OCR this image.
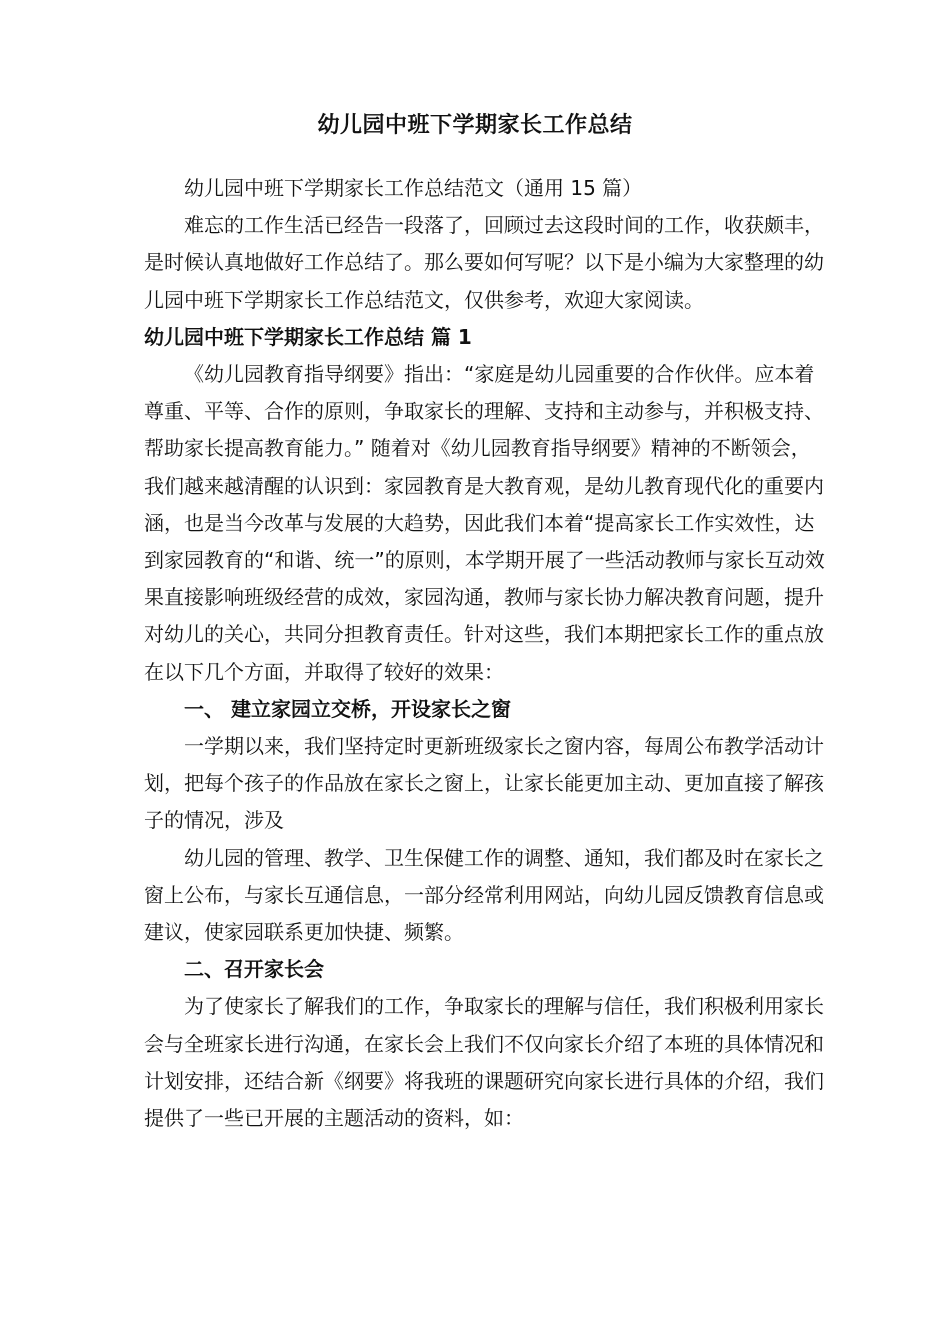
幼儿园中班下学期家长工作总结

幼儿园中班下学期家长工作总结范文（通用 15 篇）

难忘的工作生活已经告一段落了，回顾过去这段时间的工作，收获颇丰，是时候认真地做好工作总结了。那么要如何写呢？以下是小编为大家整理的幼儿园中班下学期家长工作总结范文，仅供参考，欢迎大家阅读。

幼儿园中班下学期家长工作总结 篇 1

《幼儿园教育指导纲要》指出：“家庭是幼儿园重要的合作伙伴。应本着尊重、平等、合作的原则，争取家长的理解、支持和主动参与，并积极支持、帮助家长提高教育能力。” 随着对《幼儿园教育指导纲要》精神的不断领会，我们越来越清醒的认识到：家园教育是大教育观，是幼儿教育现代化的重要内涵，也是当今改革与发展的大趋势，因此我们本着“提高家长工作实效性，达到家园教育的“和谐、统一”的原则，本学期开展了一些活动教师与家长互动效果直接影响班级经营的成效，家园沟通，教师与家长协力解决教育问题，提升对幼儿的关心，共同分担教育责任。针对这些，我们本期把家长工作的重点放在以下几个方面，并取得了较好的效果：

一、 建立家园立交桥，开设家长之窗

一学期以来，我们坚持定时更新班级家长之窗内容，每周公布教学活动计划，把每个孩子的作品放在家长之窗上，让家长能更加主动、更加直接了解孩子的情况，涉及

幼儿园的管理、教学、卫生保健工作的调整、通知，我们都及时在家长之窗上公布，与家长互通信息，一部分经常利用网站，向幼儿园反馈教育信息或建议，使家园联系更加快捷、频繁。

二、召开家长会

为了使家长了解我们的工作，争取家长的理解与信任，我们积极利用家长会与全班家长进行沟通，在家长会上我们不仅向家长介绍了本班的具体情况和计划安排，还结合新《纲要》将我班的课题研究向家长进行具体的介绍，我们提供了一些已开展的主题活动的资料，如：
